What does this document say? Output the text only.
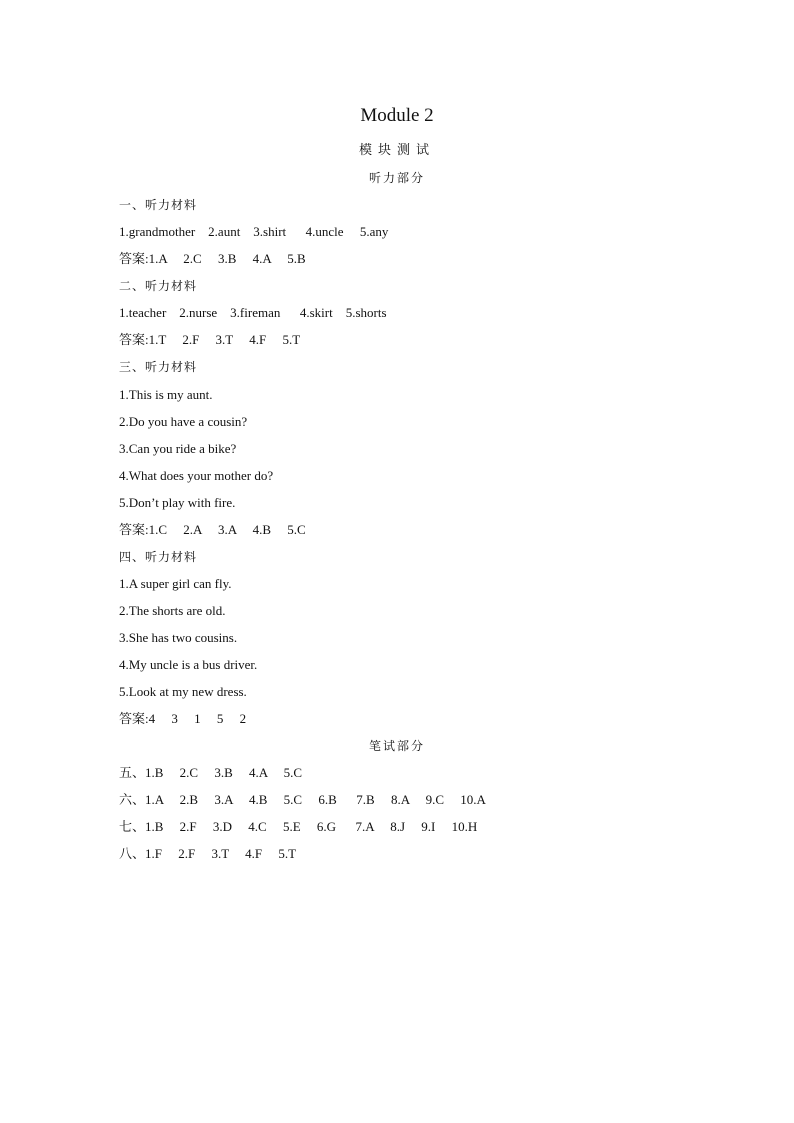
Module 2
模块测试
听力部分
一、听力材料
1.grandmother    2.aunt    3.shirt      4.uncle     5.any
答案:1.A     2.C     3.B     4.A     5.B
二、听力材料
1.teacher    2.nurse    3.fireman      4.skirt    5.shorts
答案:1.T     2.F     3.T     4.F     5.T
三、听力材料
1.This is my aunt.
2.Do you have a cousin?
3.Can you ride a bike?
4.What does your mother do?
5.Don’t play with fire.
答案:1.C     2.A     3.A     4.B     5.C
四、听力材料
1.A super girl can fly.
2.The shorts are old.
3.She has two cousins.
4.My uncle is a bus driver.
5.Look at my new dress.
答案:4     3     1     5     2
笔试部分
五、1.B     2.C     3.B     4.A     5.C
六、1.A     2.B     3.A     4.B     5.C     6.B      7.B     8.A     9.C     10.A
七、1.B     2.F     3.D     4.C     5.E     6.G      7.A     8.J     9.I     10.H
八、1.F     2.F     3.T     4.F     5.T
